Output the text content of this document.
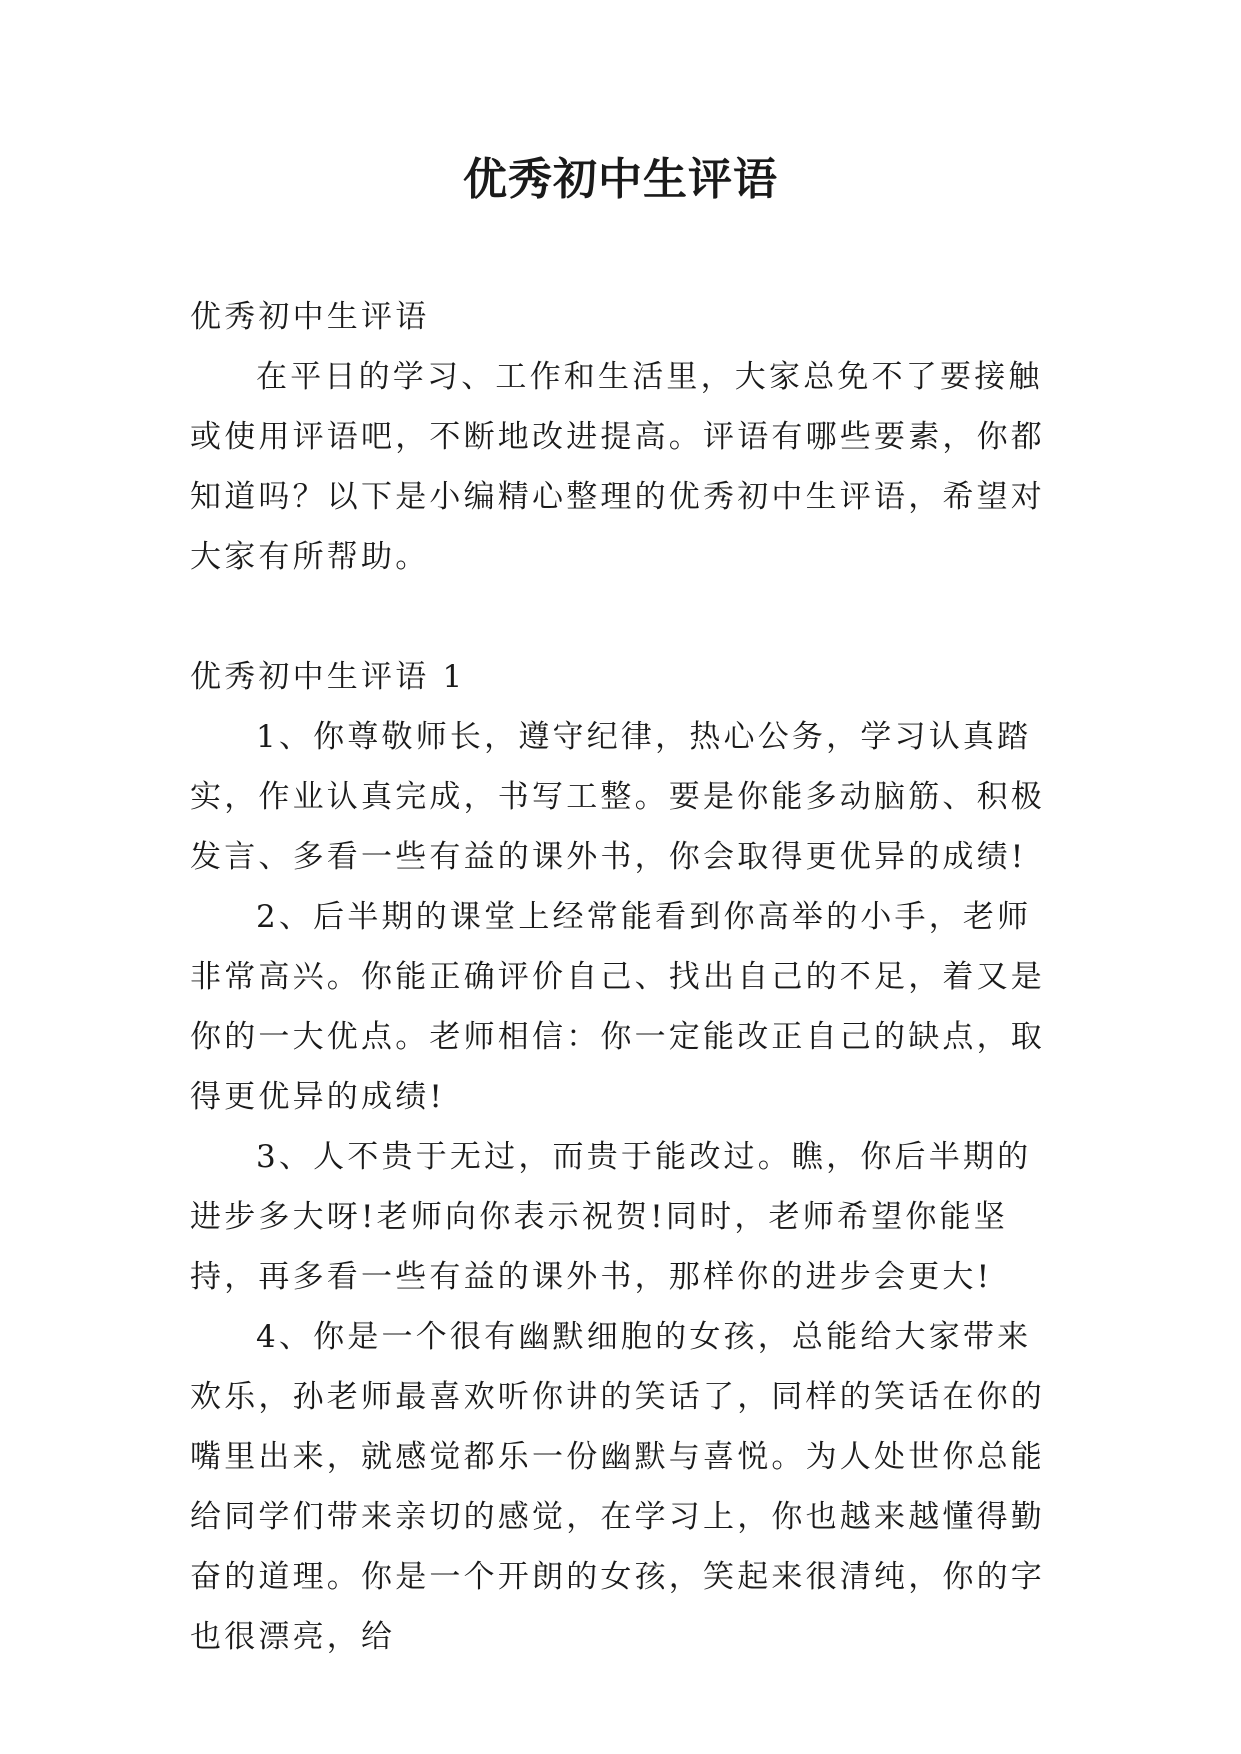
优秀初中生评语

优秀初中生评语

在平日的学习、工作和生活里，大家总免不了要接触或使用评语吧，不断地改进提高。评语有哪些要素，你都知道吗？以下是小编精心整理的优秀初中生评语，希望对大家有所帮助。

优秀初中生评语 1

1、你尊敬师长，遵守纪律，热心公务，学习认真踏实，作业认真完成，书写工整。要是你能多动脑筋、积极发言、多看一些有益的课外书，你会取得更优异的成绩!

2、后半期的课堂上经常能看到你高举的小手，老师非常高兴。你能正确评价自己、找出自己的不足，着又是你的一大优点。老师相信：你一定能改正自己的缺点，取得更优异的成绩!

3、人不贵于无过，而贵于能改过。瞧，你后半期的进步多大呀!老师向你表示祝贺!同时，老师希望你能坚持，再多看一些有益的课外书，那样你的进步会更大!

4、你是一个很有幽默细胞的女孩，总能给大家带来欢乐，孙老师最喜欢听你讲的笑话了，同样的笑话在你的嘴里出来，就感觉都乐一份幽默与喜悦。为人处世你总能给同学们带来亲切的感觉，在学习上，你也越来越懂得勤奋的道理。你是一个开朗的女孩，笑起来很清纯，你的字也很漂亮，给
